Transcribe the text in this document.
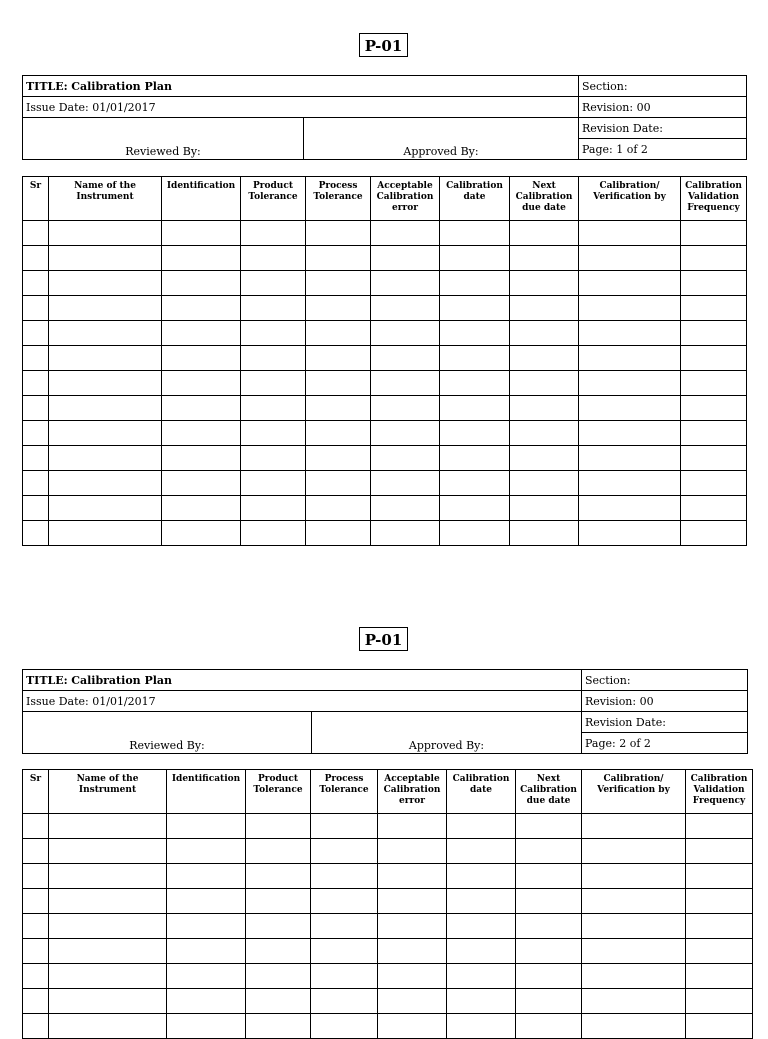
P-01
TITLE: Calibration Plan		Section:
Issue Date: 01/01/2017		Revision: 00
Reviewed By:	Approved By:	Revision Date:
		Page: 1 of 2
Sr	Name of the Instrument	Identification	Product Tolerance	Process Tolerance	Acceptable Calibration error	Calibration date	Next Calibration due date	Calibration/ Verification by	Calibration Validation Frequency

P-01
TITLE: Calibration Plan		Section:
Issue Date: 01/01/2017		Revision: 00
Reviewed By:	Approved By:	Revision Date:
		Page: 2 of 2
Sr	Name of the Instrument	Identification	Product Tolerance	Process Tolerance	Acceptable Calibration error	Calibration date	Next Calibration due date	Calibration/ Verification by	Calibration Validation Frequency
